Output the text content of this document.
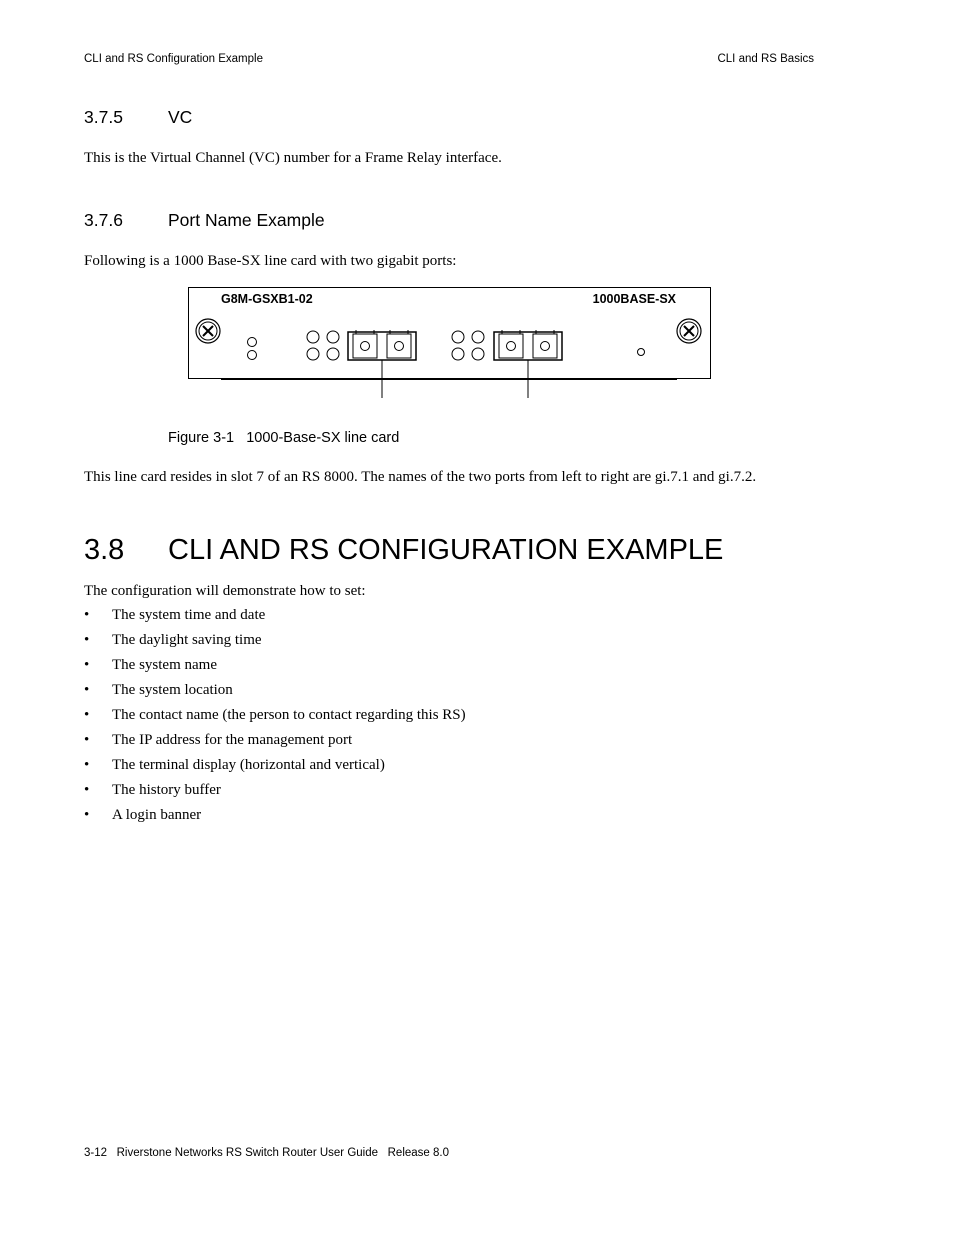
CLI and RS Configuration Example	CLI and RS Basics
3.7.5	VC
This is the Virtual Channel (VC) number for a Frame Relay interface.
3.7.6	Port Name Example
Following is a 1000 Base-SX line card with two gigabit ports:
G8M-GSXB1-02	1000BASE-SX
Figure 3-1 1000-Base-SX line card
This line card resides in slot 7 of an RS 8000. The names of the two ports from left to right are gi.7.1 and gi.7.2.
3.8 CLI AND RS CONFIGURATION EXAMPLE
The configuration will demonstrate how to set:
• The system time and date
• The daylight saving time
• The system name
• The system location
• The contact name (the person to contact regarding this RS)
• The IP address for the management port
• The terminal display (horizontal and vertical)
• The history buffer
• A login banner
3-12 Riverstone Networks RS Switch Router User Guide Release 8.0
